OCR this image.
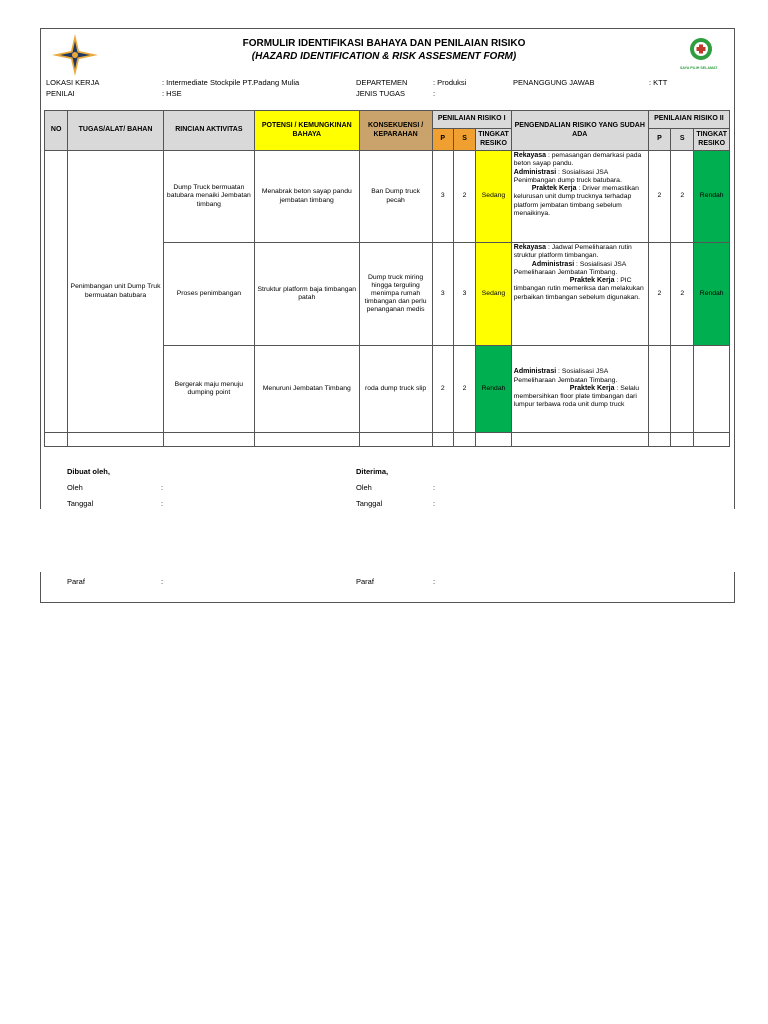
SAYA PILIH SELAMAT
FORMULIR IDENTIFIKASI BAHAYA DAN PENILAIAN RISIKO
(HAZARD IDENTIFICATION & RISK ASSESMENT FORM)
LOKASI KERJA	: Intermediate Stockpile PT.Padang Mulia
PENILAI	: HSE
DEPARTEMEN	: Produksi
JENIS TUGAS	:
PENANGGUNG JAWAB	: KTT
NO	TUGAS/ALAT/ BAHAN	RINCIAN AKTIVITAS	POTENSI / KEMUNGKINAN BAHAYA	KONSEKUENSI / KEPARAHAN	PENILAIAN RISIKO I			PENGENDALIAN RISIKO YANG SUDAH ADA	PENILAIAN RISIKO II		
					P	S	TINGKAT RESIKO		P	S	TINGKAT RESIKO
	Penimbangan unit Dump Truk bermuatan batubara	Dump Truck bermuatan batubara menaiki Jembatan timbang	Menabrak beton sayap pandu jembatan timbang	Ban Dump truck pecah	3	2	Sedang	Rekayasa : pemasangan demarkasi pada beton sayap pandu.
Administrasi : Sosialisasi JSA Penimbangan dump truck batubara.
Praktek Kerja : Driver memastikan kelurusan unit dump trucknya terhadap platform jembatan timbang sebelum menaikinya.	2	2	Rendah
		Proses penimbangan	Struktur platform baja timbangan patah	Dump truck miring hingga terguling menimpa rumah timbangan dan perlu penanganan medis	3	3	Sedang	Rekayasa : Jadwal Pemeliharaan rutin struktur platform timbangan.
Administrasi : Sosialisasi JSA Pemeliharaan Jembatan Timbang.
Praktek Kerja : PIC timbangan rutin memeriksa dan melakukan perbaikan timbangan sebelum digunakan.	2	2	Rendah
		Bergerak maju menuju dumping point	Menuruni Jembatan Timbang	roda dump truck slip	2	2	Rendah	Administrasi : Sosialisasi JSA Pemeliharaan Jembatan Timbang.
Praktek Kerja : Selalu membersihkan floor plate timbangan dari lumpur terbawa roda unit dump truck			

Dibuat oleh,	Diterima,
Oleh	:	Oleh	:
Tanggal	:	Tanggal	:
Paraf	:	Paraf	:
